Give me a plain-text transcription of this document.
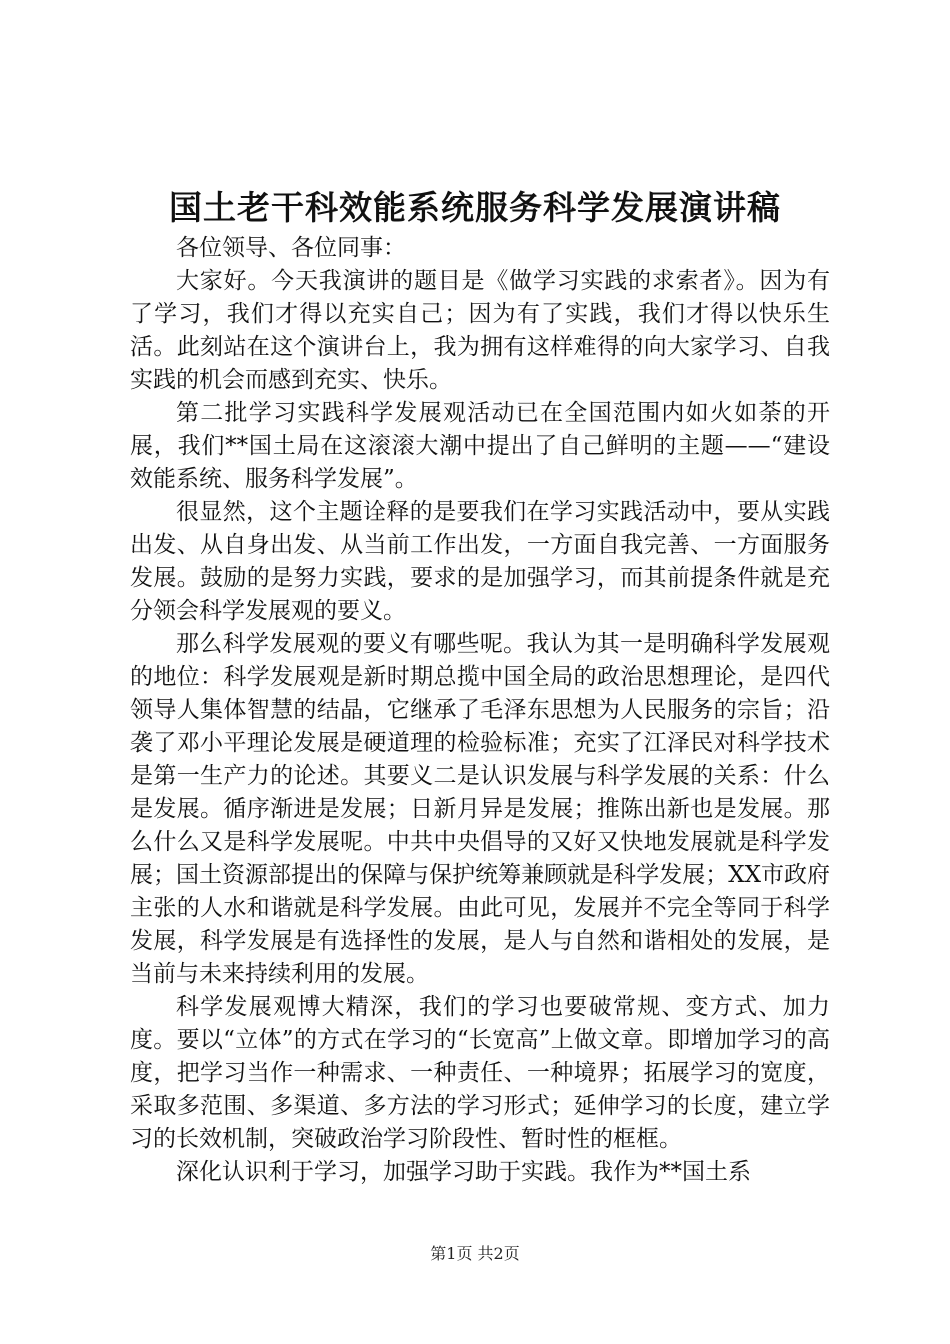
国土老干科效能系统服务科学发展演讲稿

各位领导、各位同事：

大家好。今天我演讲的题目是《做学习实践的求索者》。因为有了学习，我们才得以充实自己；因为有了实践，我们才得以快乐生活。此刻站在这个演讲台上，我为拥有这样难得的向大家学习、自我实践的机会而感到充实、快乐。

第二批学习实践科学发展观活动已在全国范围内如火如荼的开展，我们**国土局在这滚滚大潮中提出了自己鲜明的主题——“建设效能系统、服务科学发展”。

很显然，这个主题诠释的是要我们在学习实践活动中，要从实践出发、从自身出发、从当前工作出发，一方面自我完善、一方面服务发展。鼓励的是努力实践，要求的是加强学习，而其前提条件就是充分领会科学发展观的要义。

那么科学发展观的要义有哪些呢。我认为其一是明确科学发展观的地位：科学发展观是新时期总揽中国全局的政治思想理论，是四代领导人集体智慧的结晶，它继承了毛泽东思想为人民服务的宗旨；沿袭了邓小平理论发展是硬道理的检验标准；充实了江泽民对科学技术是第一生产力的论述。其要义二是认识发展与科学发展的关系：什么是发展。循序渐进是发展；日新月异是发展；推陈出新也是发展。那么什么又是科学发展呢。中共中央倡导的又好又快地发展就是科学发展；国土资源部提出的保障与保护统筹兼顾就是科学发展；XX市政府主张的人水和谐就是科学发展。由此可见，发展并不完全等同于科学发展，科学发展是有选择性的发展，是人与自然和谐相处的发展，是当前与未来持续利用的发展。

科学发展观博大精深，我们的学习也要破常规、变方式、加力度。要以“立体”的方式在学习的“长宽高”上做文章。即增加学习的高度，把学习当作一种需求、一种责任、一种境界；拓展学习的宽度，采取多范围、多渠道、多方法的学习形式；延伸学习的长度，建立学习的长效机制，突破政治学习阶段性、暂时性的框框。

深化认识利于学习，加强学习助于实践。我作为**国土系

第1页 共2页
